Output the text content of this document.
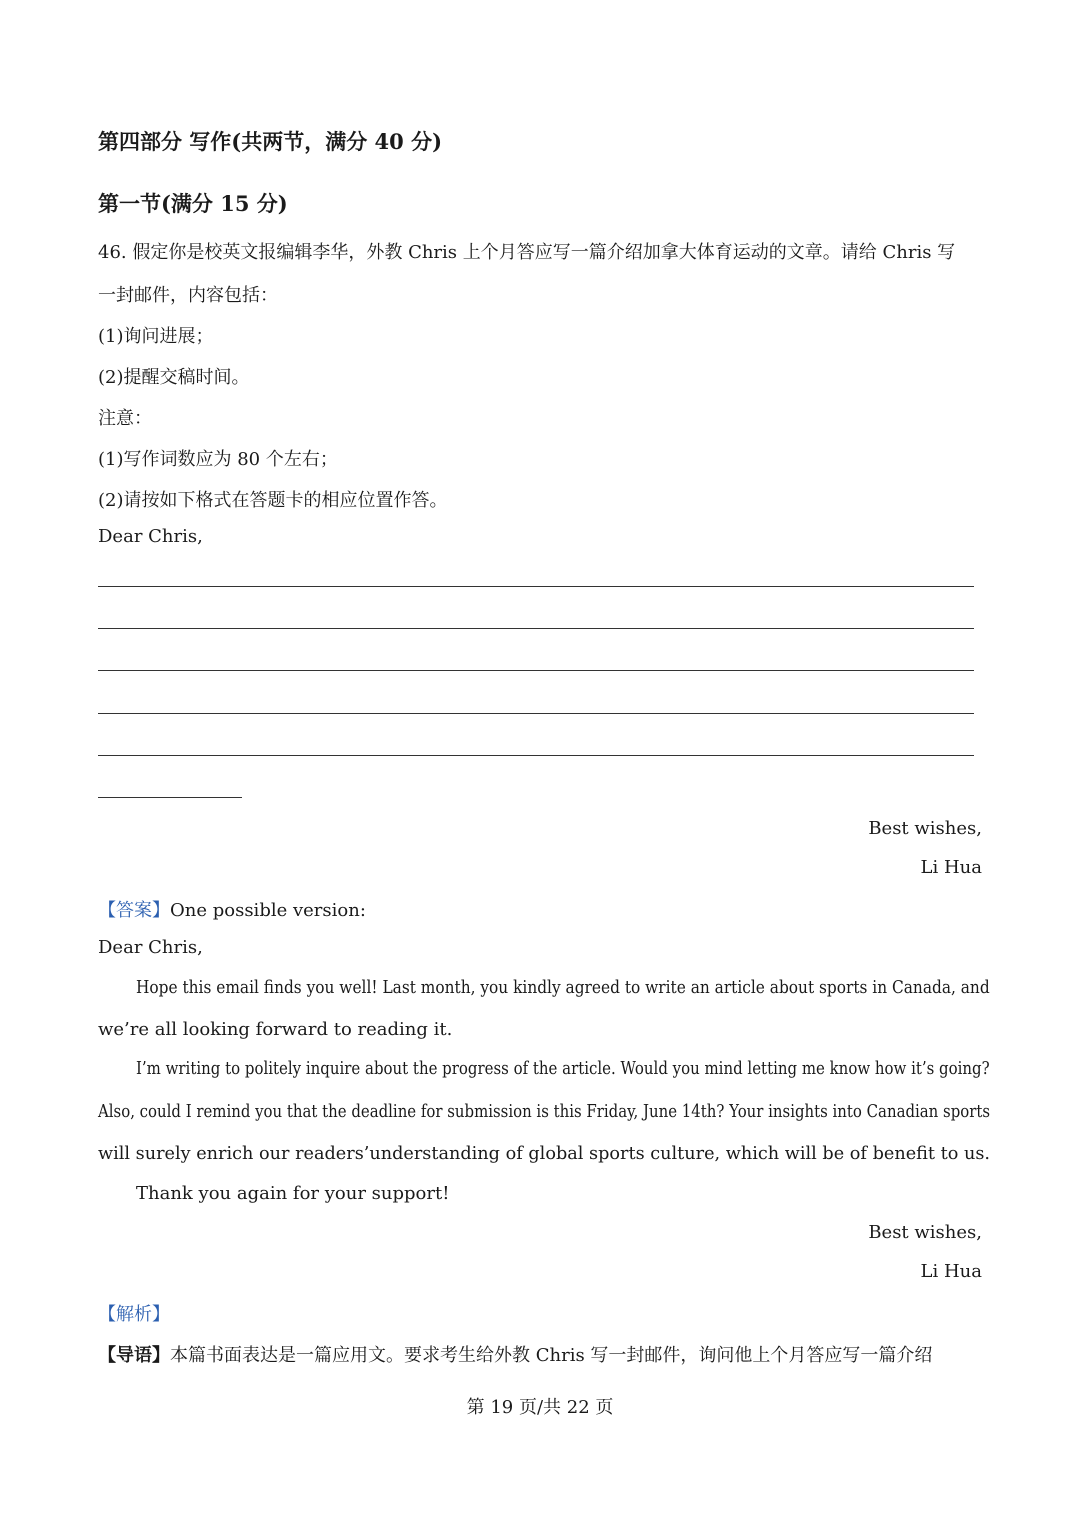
第四部分 写作(共两节，满分 40 分)
第一节(满分 15 分)
46. 假定你是校英文报编辑李华，外教 Chris 上个月答应写一篇介绍加拿大体育运动的文章。请给 Chris 写
一封邮件，内容包括：
(1)询问进展；
(2)提醒交稿时间。
注意：
(1)写作词数应为 80 个左右；
(2)请按如下格式在答题卡的相应位置作答。
Dear Chris,
Best wishes,
Li Hua
【答案】One possible version:
Dear Chris,
Hope this email finds you well! Last month, you kindly agreed to write an article about sports in Canada, and
we’re all looking forward to reading it.
I’m writing to politely inquire about the progress of the article. Would you mind letting me know how it’s going?
Also, could I remind you that the deadline for submission is this Friday, June 14th? Your insights into Canadian sports
will surely enrich our readers’understanding of global sports culture, which will be of benefit to us.
Thank you again for your support!
Best wishes,
Li Hua
【解析】
【导语】本篇书面表达是一篇应用文。要求考生给外教 Chris 写一封邮件，询问他上个月答应写一篇介绍
第 19 页/共 22 页
